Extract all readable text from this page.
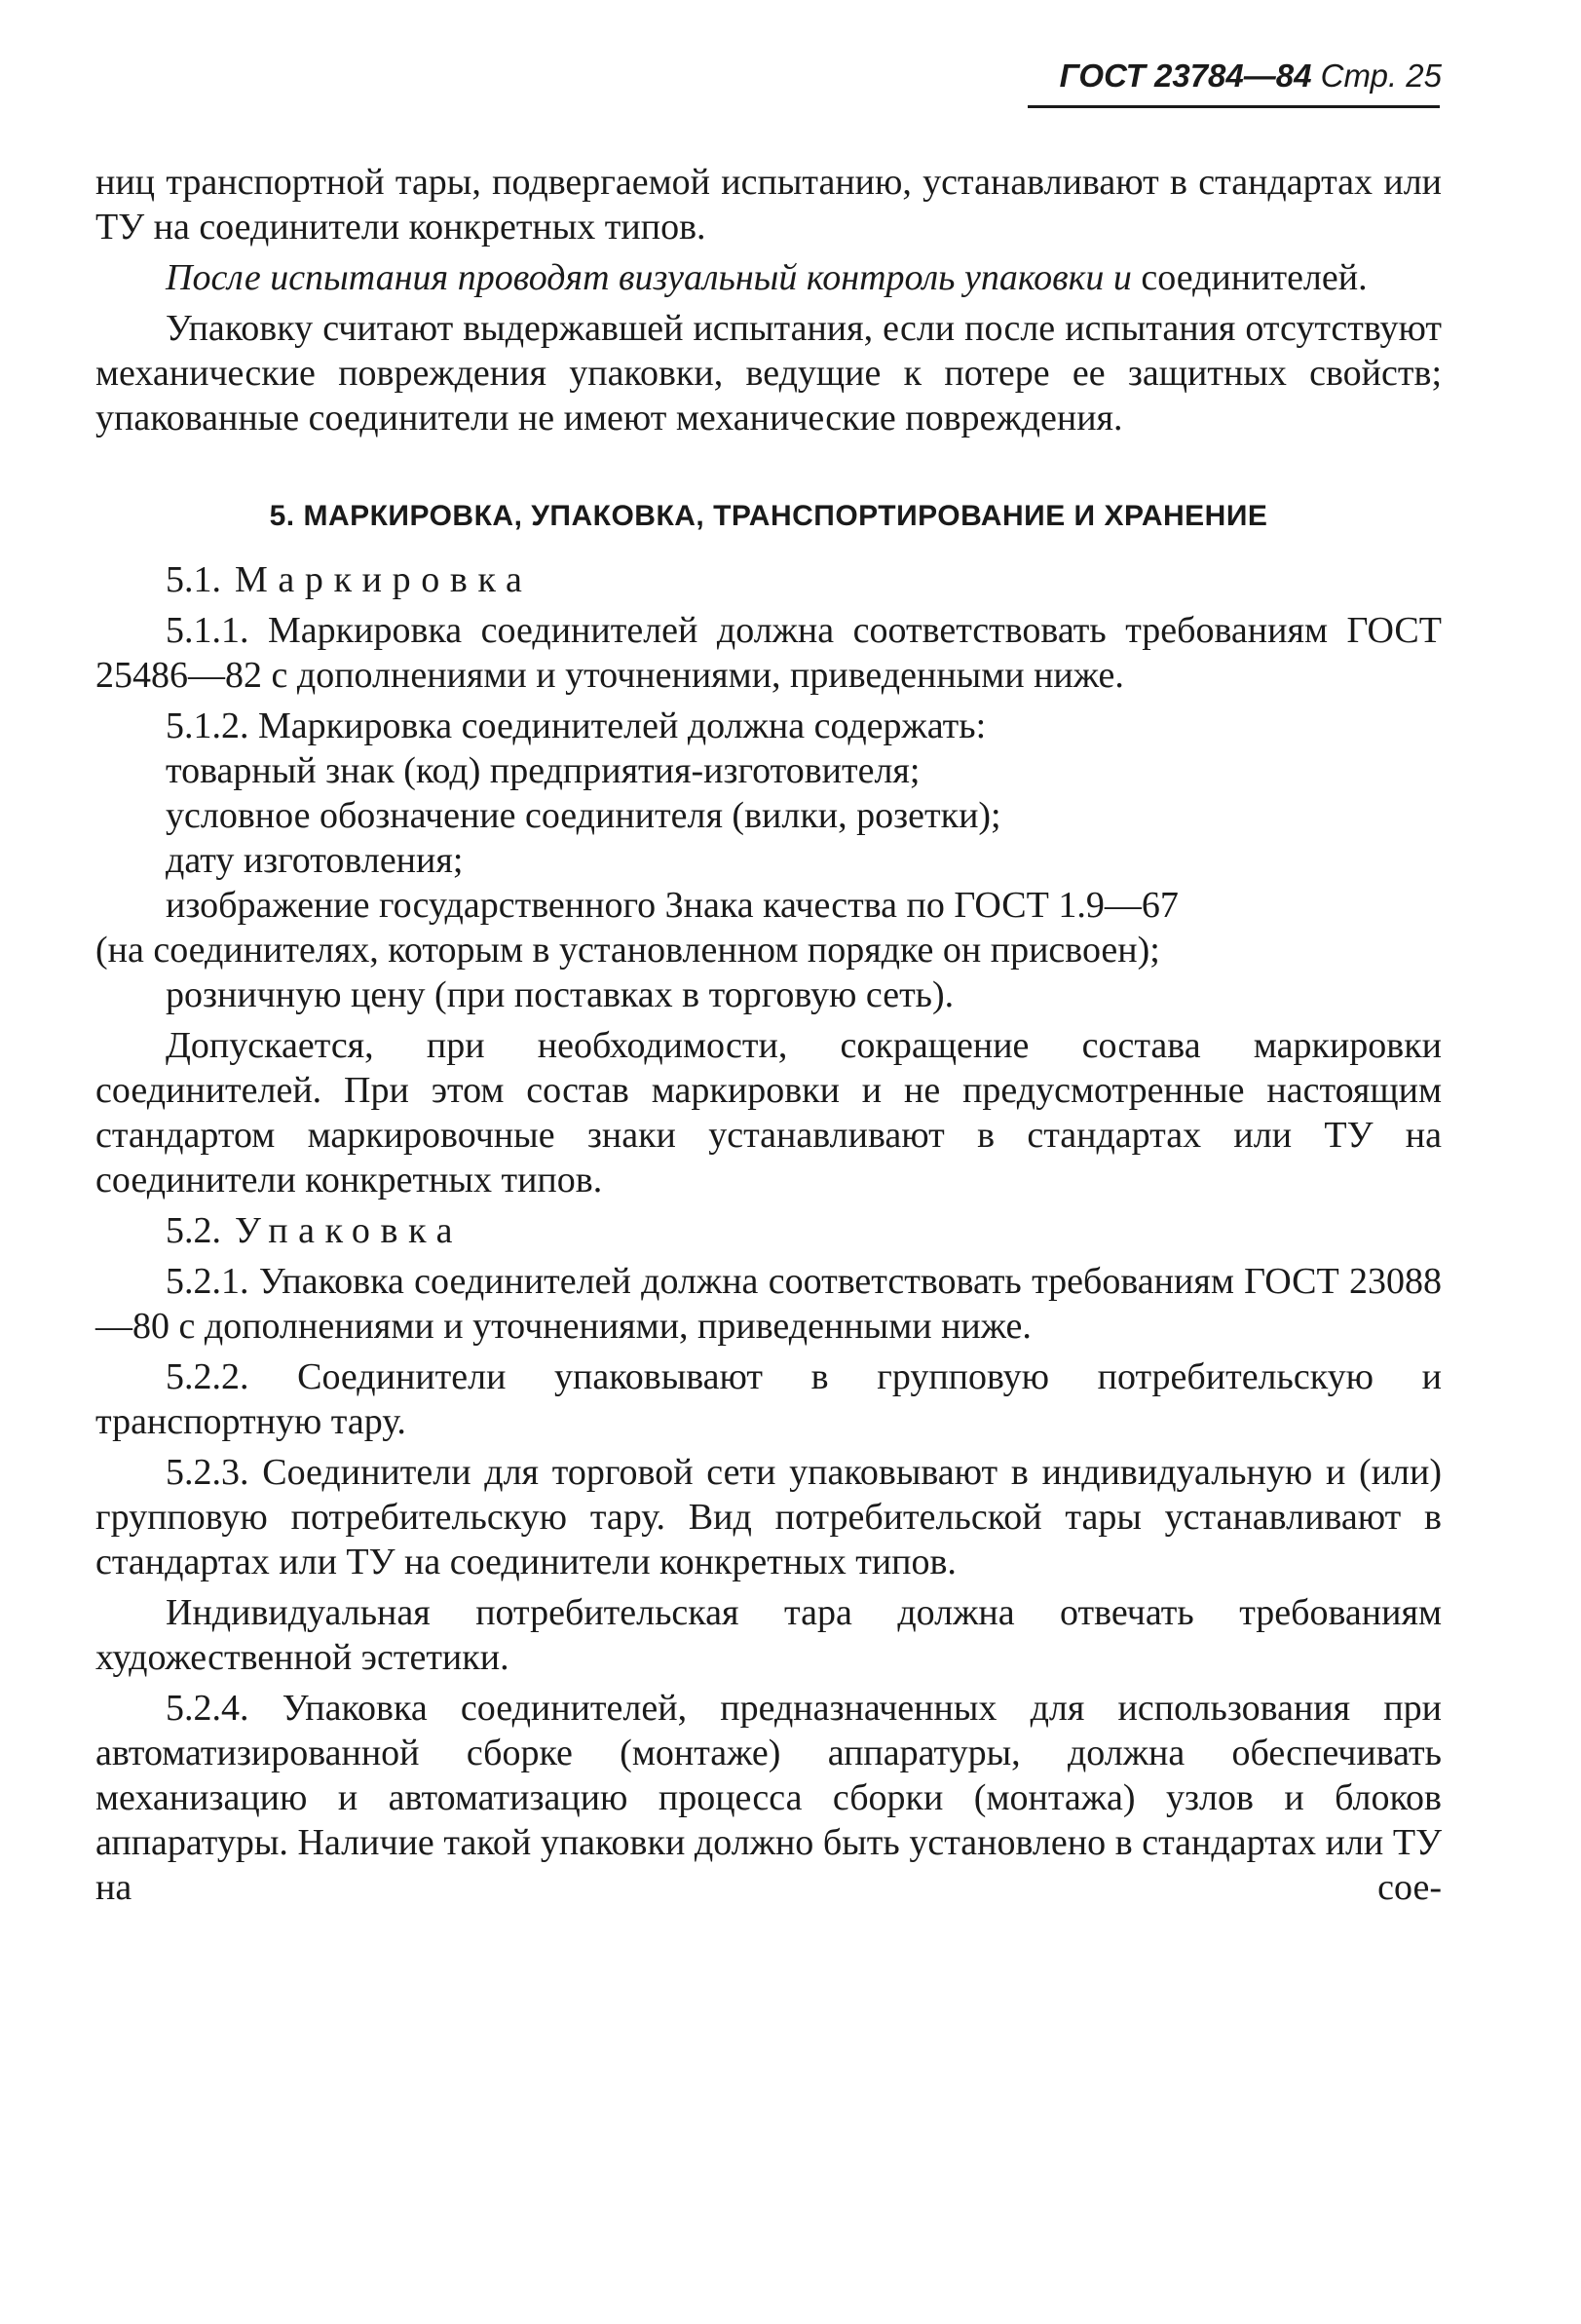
ГОСТ 23784—84 Стр. 25

ниц транспортной тары, подвергаемой испытанию, устанавливают в стандартах или ТУ на соединители конкретных типов.

После испытания проводят визуальный контроль упаковки и соединителей.

Упаковку считают выдержавшей испытания, если после испытания отсутствуют механические повреждения упаковки, ведущие к потере ее защитных свойств; упакованные соединители не имеют механические повреждения.

5. МАРКИРОВКА, УПАКОВКА, ТРАНСПОРТИРОВАНИЕ И ХРАНЕНИЕ

5.1. Маркировка

5.1.1. Маркировка соединителей должна соответствовать требованиям ГОСТ 25486—82 с дополнениями и уточнениями, приведенными ниже.

5.1.2. Маркировка соединителей должна содержать:

товарный знак (код) предприятия-изготовителя;

условное обозначение соединителя (вилки, розетки);

дату изготовления;

изображение государственного Знака качества по ГОСТ 1.9—67

(на соединителях, которым в установленном порядке он присвоен);

розничную цену (при поставках в торговую сеть).

Допускается, при необходимости, сокращение состава маркировки соединителей. При этом состав маркировки и не предусмотренные настоящим стандартом маркировочные знаки устанавливают в стандартах или ТУ на соединители конкретных типов.

5.2. Упаковка

5.2.1. Упаковка соединителей должна соответствовать требованиям ГОСТ 23088—80 с дополнениями и уточнениями, приведенными ниже.

5.2.2. Соединители упаковывают в групповую потребительскую и транспортную тару.

5.2.3. Соединители для торговой сети упаковывают в индивидуальную и (или) групповую потребительскую тару. Вид потребительской тары устанавливают в стандартах или ТУ на соединители конкретных типов.

Индивидуальная потребительская тара должна отвечать требованиям художественной эстетики.

5.2.4. Упаковка соединителей, предназначенных для использования при автоматизированной сборке (монтаже) аппаратуры, должна обеспечивать механизацию и автоматизацию процесса сборки (монтажа) узлов и блоков аппаратуры. Наличие такой упаковки должно быть установлено в стандартах или ТУ на сое-
